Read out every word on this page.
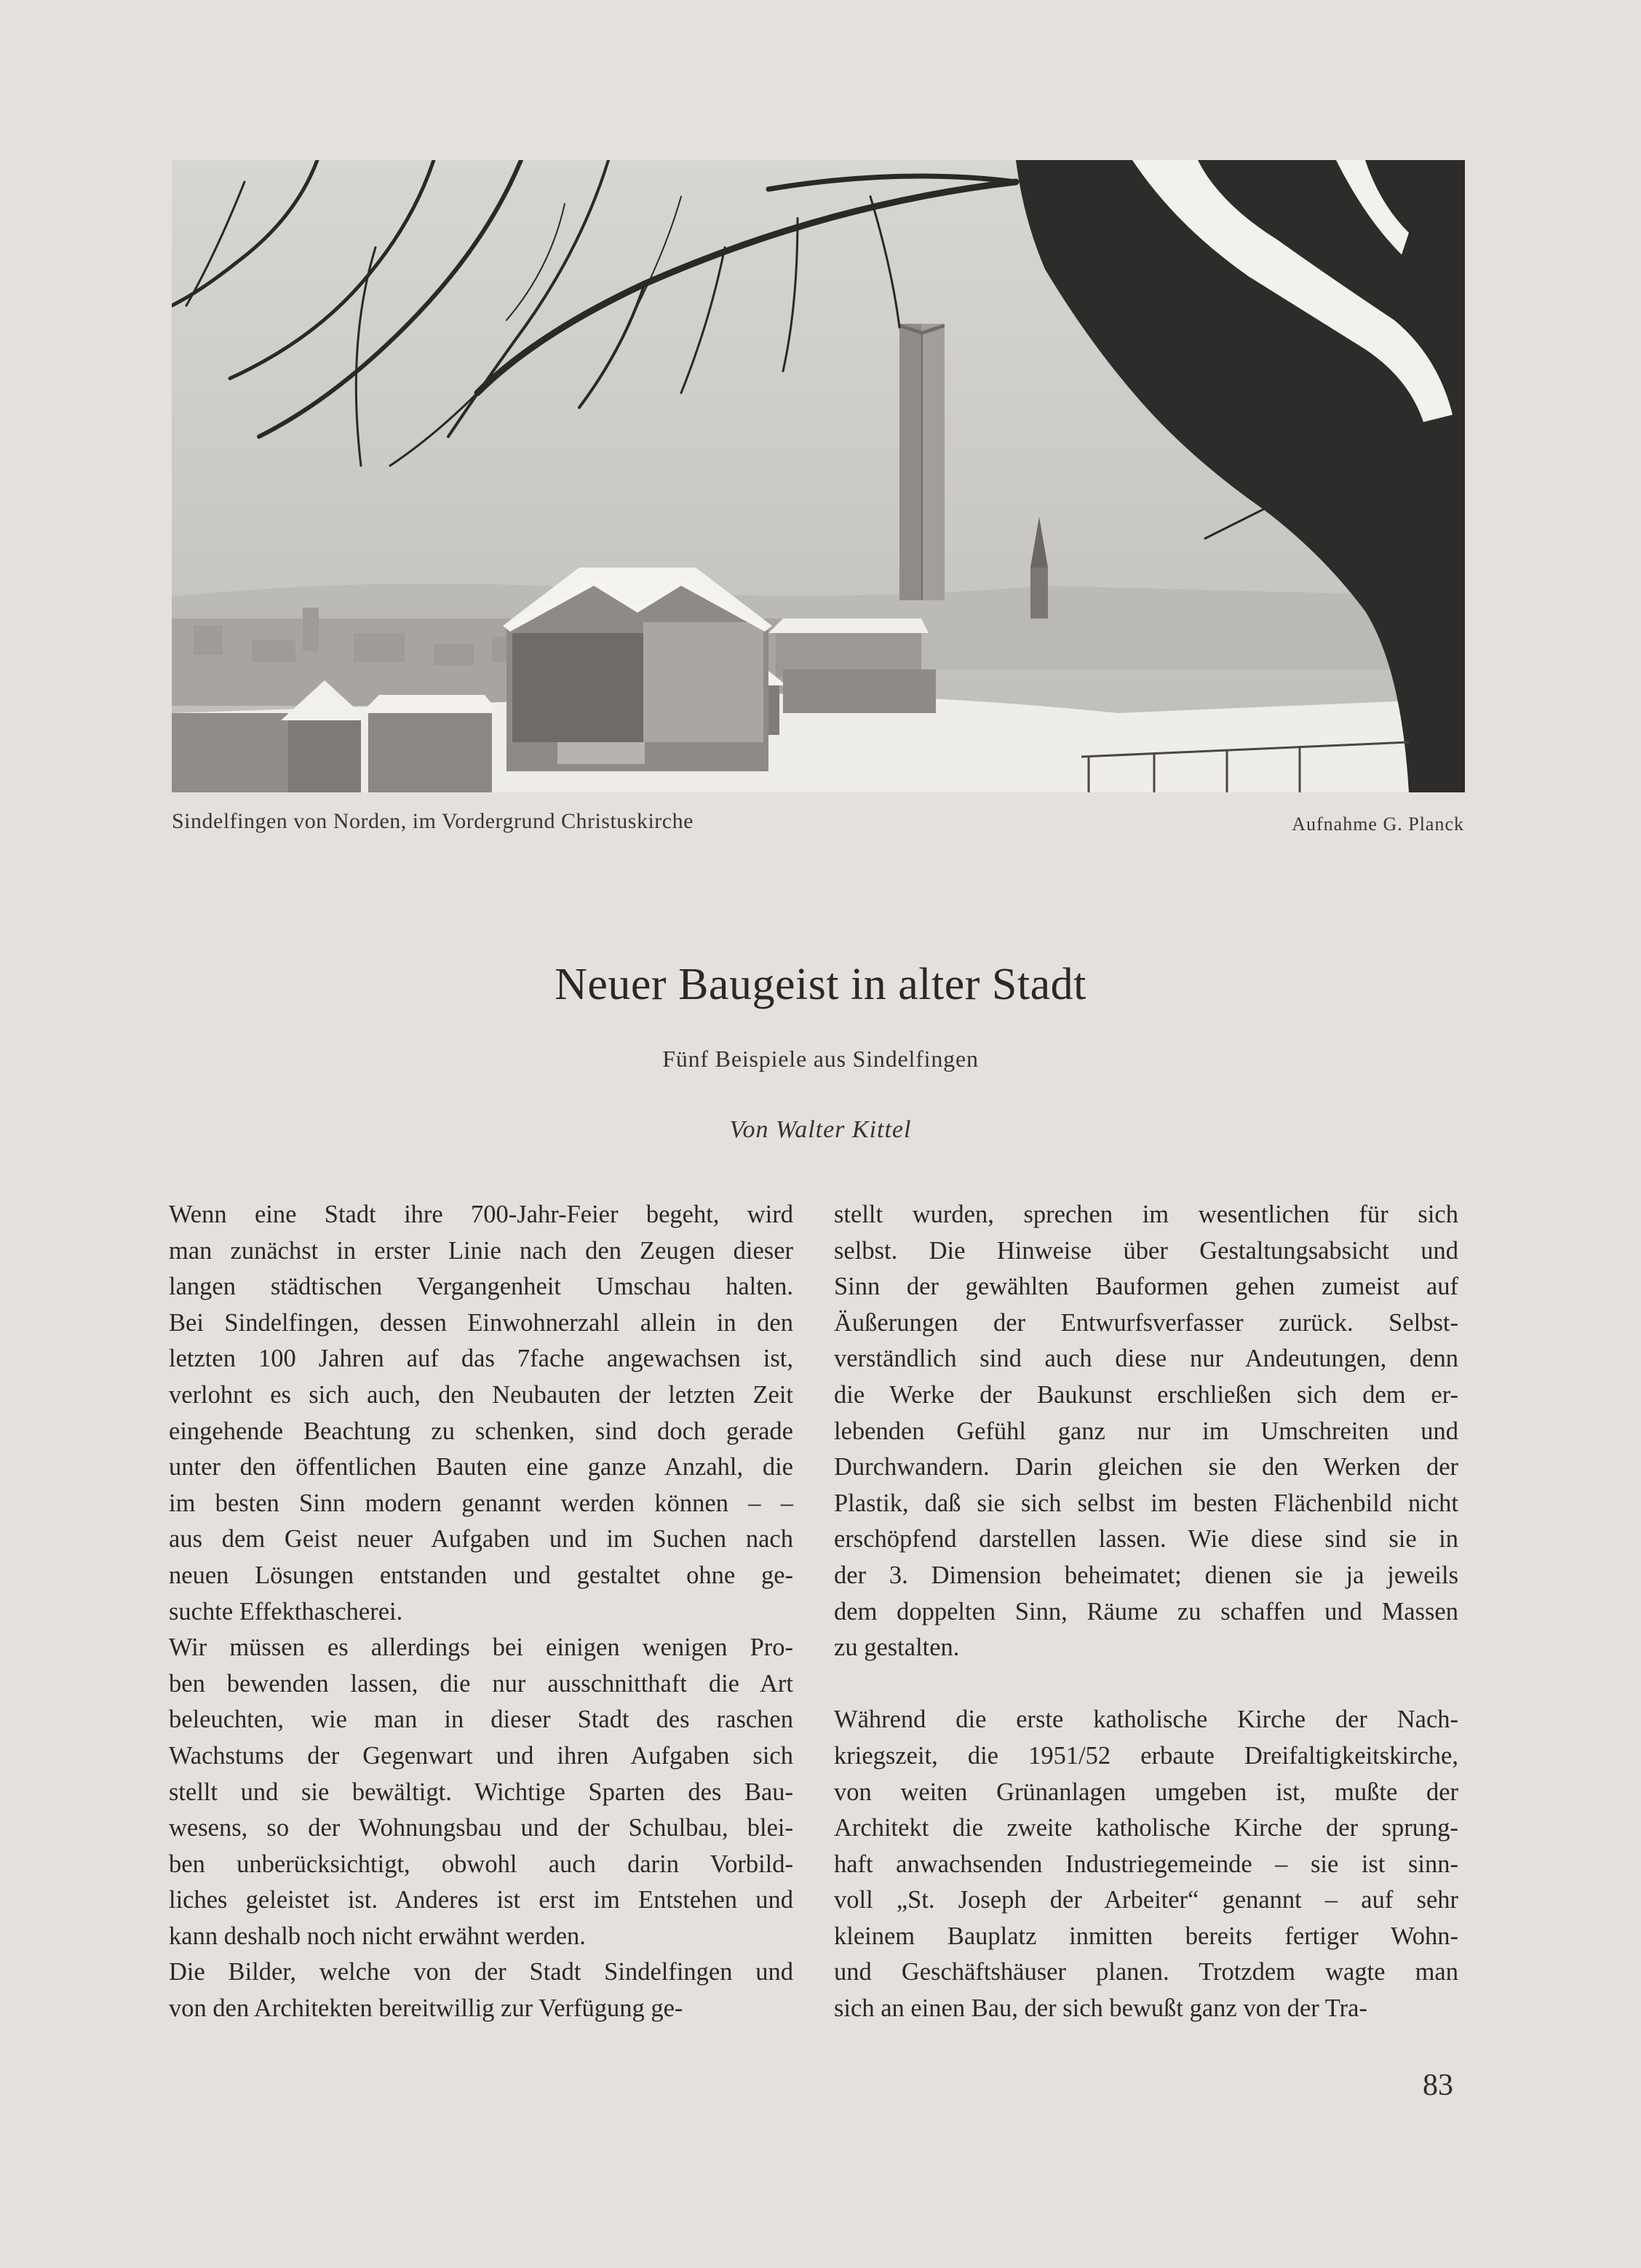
Sindelfingen von Norden, im Vordergrund Christuskirche	Aufnahme G. Planck
Neuer Baugeist in alter Stadt
Fünf Beispiele aus Sindelfingen
Von Walter Kittel
Wenn eine Stadt ihre 700-Jahr-Feier begeht, wird
man zunächst in erster Linie nach den Zeugen dieser
langen städtischen Vergangenheit Umschau halten.
Bei Sindelfingen, dessen Einwohnerzahl allein in den
letzten 100 Jahren auf das 7fache angewachsen ist,
verlohnt es sich auch, den Neubauten der letzten Zeit
eingehende Beachtung zu schenken, sind doch gerade
unter den öffentlichen Bauten eine ganze Anzahl, die
im besten Sinn modern genannt werden können – –
aus dem Geist neuer Aufgaben und im Suchen nach
neuen Lösungen entstanden und gestaltet ohne ge-
suchte Effekthascherei.
Wir müssen es allerdings bei einigen wenigen Pro-
ben bewenden lassen, die nur ausschnitthaft die Art
beleuchten, wie man in dieser Stadt des raschen
Wachstums der Gegenwart und ihren Aufgaben sich
stellt und sie bewältigt. Wichtige Sparten des Bau-
wesens, so der Wohnungsbau und der Schulbau, blei-
ben unberücksichtigt, obwohl auch darin Vorbild-
liches geleistet ist. Anderes ist erst im Entstehen und
kann deshalb noch nicht erwähnt werden.
Die Bilder, welche von der Stadt Sindelfingen und
von den Architekten bereitwillig zur Verfügung ge-
stellt wurden, sprechen im wesentlichen für sich
selbst. Die Hinweise über Gestaltungsabsicht und
Sinn der gewählten Bauformen gehen zumeist auf
Äußerungen der Entwurfsverfasser zurück. Selbst-
verständlich sind auch diese nur Andeutungen, denn
die Werke der Baukunst erschließen sich dem er-
lebenden Gefühl ganz nur im Umschreiten und
Durchwandern. Darin gleichen sie den Werken der
Plastik, daß sie sich selbst im besten Flächenbild nicht
erschöpfend darstellen lassen. Wie diese sind sie in
der 3. Dimension beheimatet; dienen sie ja jeweils
dem doppelten Sinn, Räume zu schaffen und Massen
zu gestalten.
Während die erste katholische Kirche der Nach-
kriegszeit, die 1951/52 erbaute Dreifaltigkeitskirche,
von weiten Grünanlagen umgeben ist, mußte der
Architekt die zweite katholische Kirche der sprung-
haft anwachsenden Industriegemeinde – sie ist sinn-
voll „St. Joseph der Arbeiter“ genannt – auf sehr
kleinem Bauplatz inmitten bereits fertiger Wohn-
und Geschäftshäuser planen. Trotzdem wagte man
sich an einen Bau, der sich bewußt ganz von der Tra-
83
